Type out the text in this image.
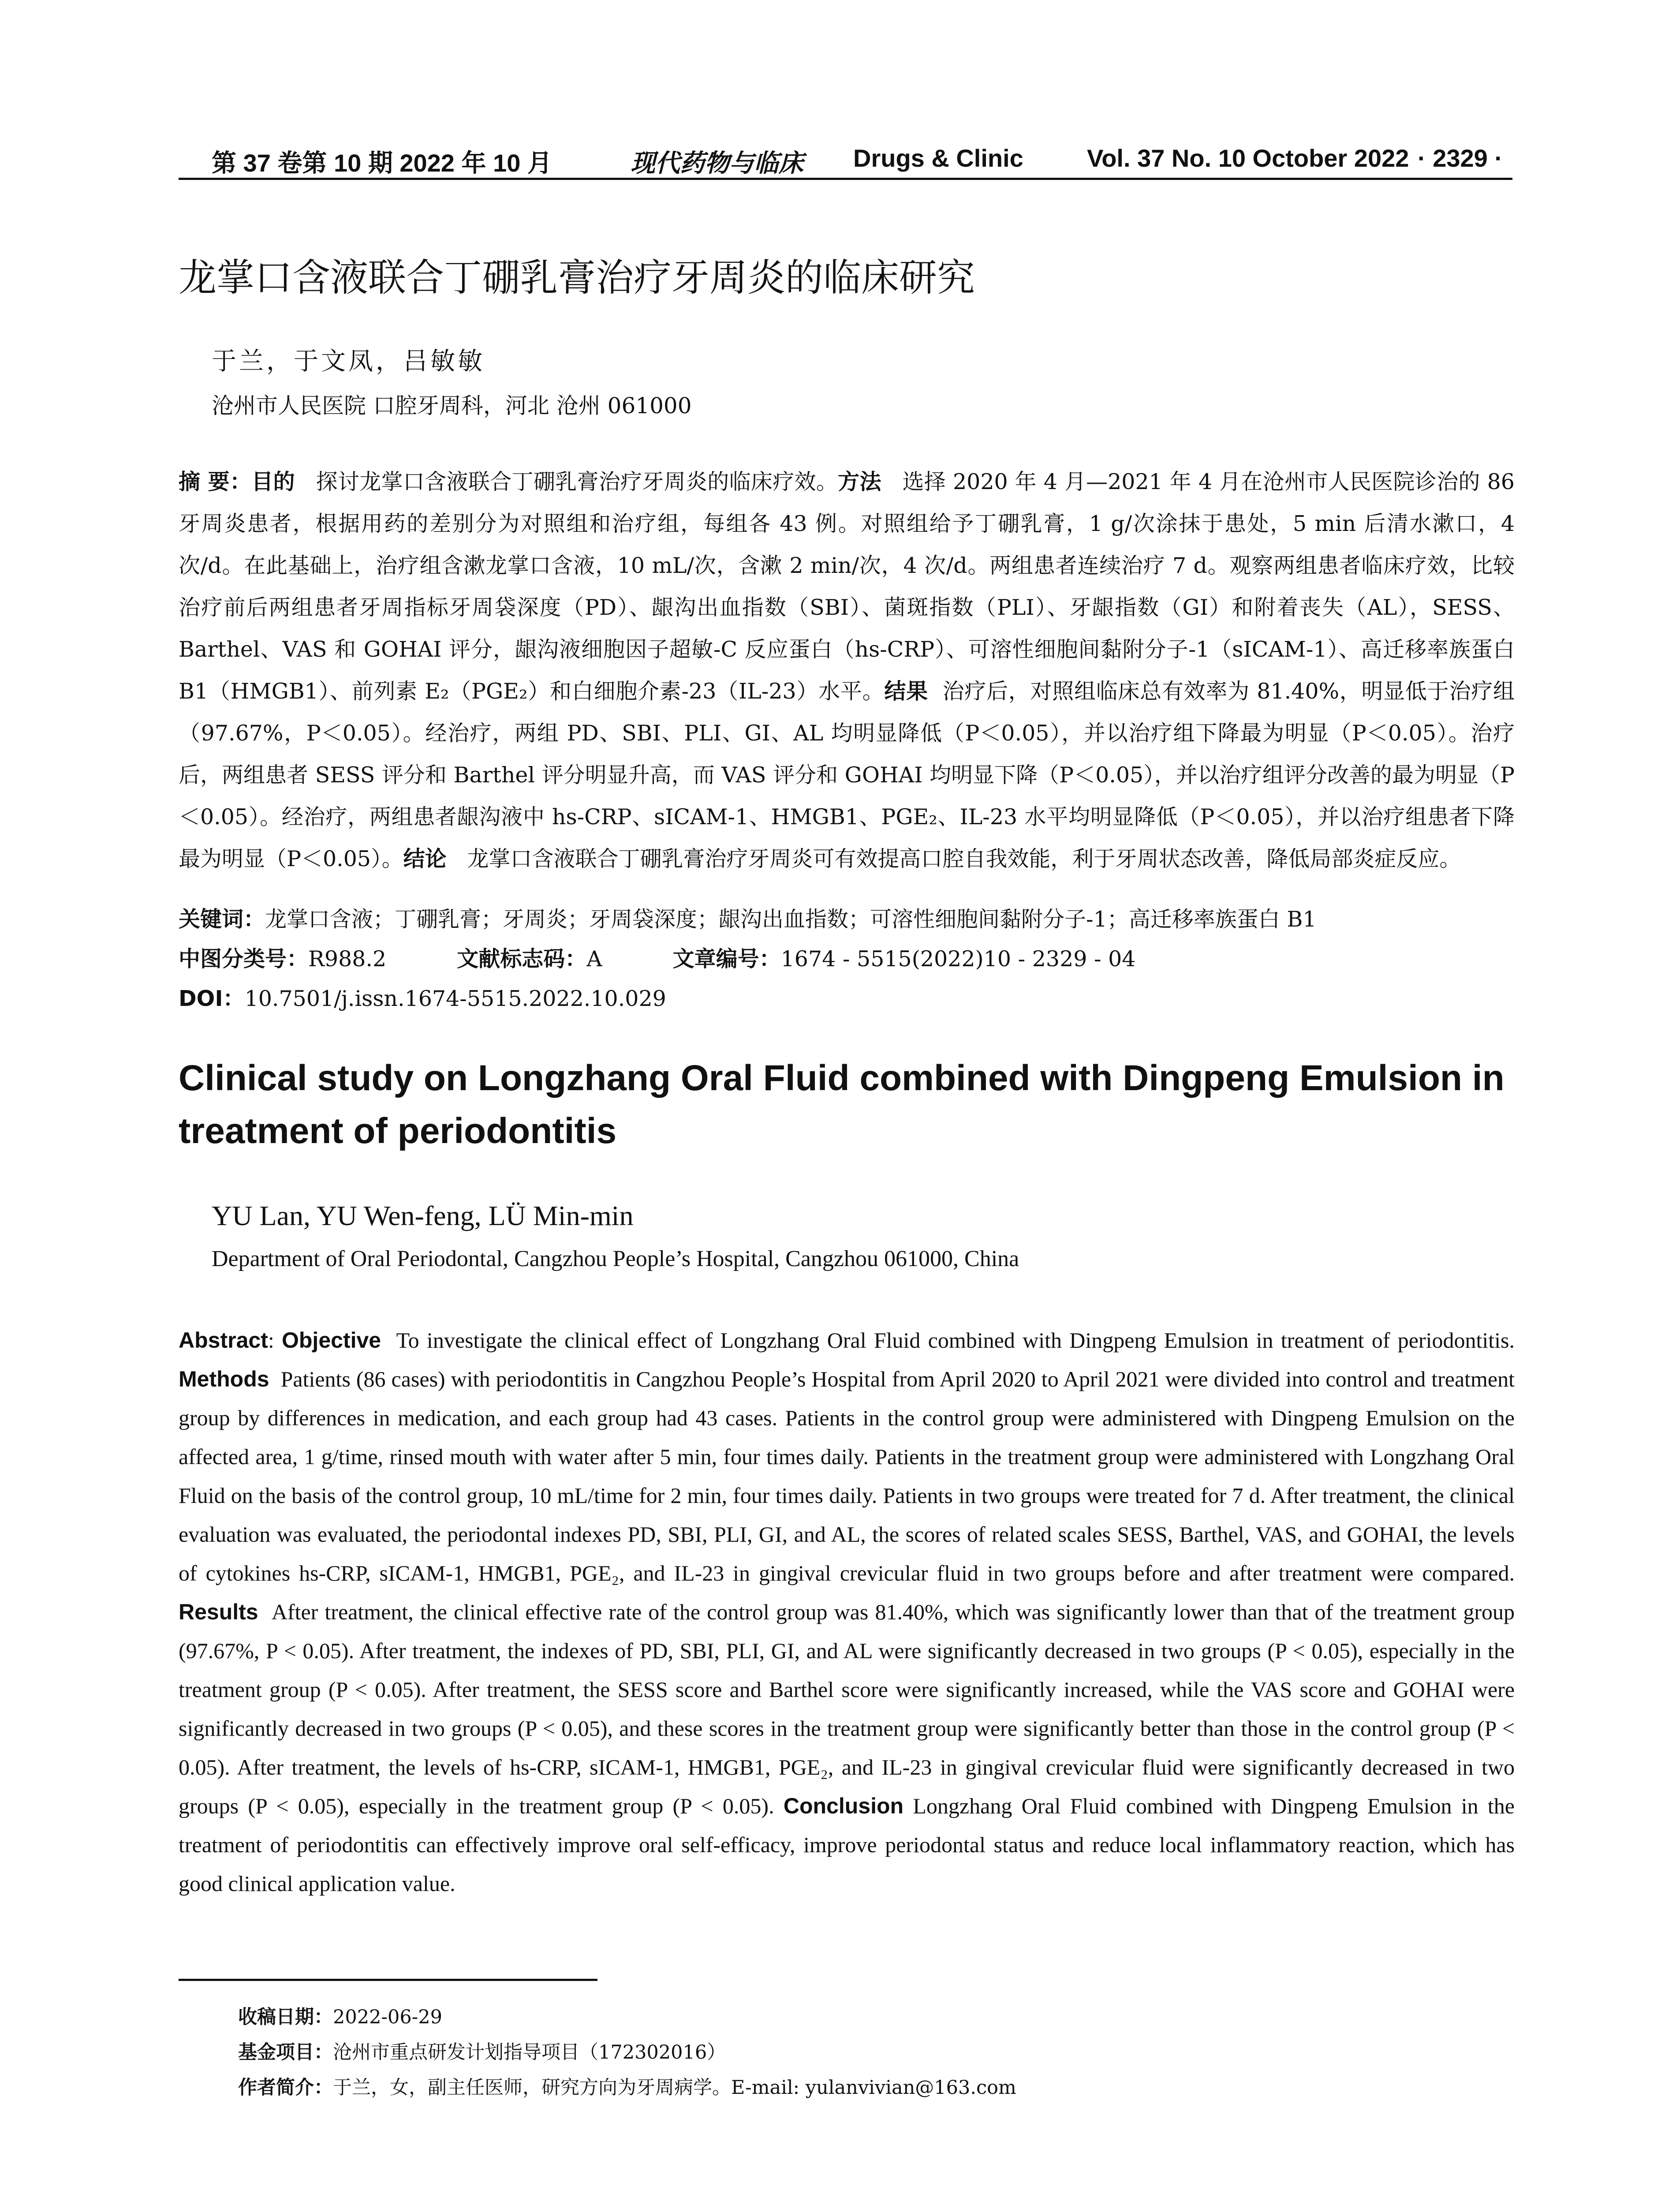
第 37 卷第 10 期 2022 年 10 月	现代药物与临床 Drugs & Clinic	Vol. 37 No. 10 October 2022 · 2329 ·
龙掌口含液联合丁硼乳膏治疗牙周炎的临床研究
于兰，于文凤，吕敏敏
沧州市人民医院 口腔牙周科，河北 沧州 061000
摘 要：目的 探讨龙掌口含液联合丁硼乳膏治疗牙周炎的临床疗效。方法 选择 2020 年 4 月—2021 年 4 月在沧州市人民医院诊治的 86 牙周炎患者，根据用药的差别分为对照组和治疗组，每组各 43 例。对照组给予丁硼乳膏，1 g/次涂抹于患处，5 min 后清水漱口，4 次/d。在此基础上，治疗组含漱龙掌口含液，10 mL/次，含漱 2 min/次，4 次/d。两组患者连续治疗 7 d。观察两组患者临床疗效，比较治疗前后两组患者牙周指标牙周袋深度（PD）、龈沟出血指数（SBI）、菌斑指数（PLI）、牙龈指数（GI）和附着丧失（AL），SESS、Barthel、VAS 和 GOHAI 评分，龈沟液细胞因子超敏-C 反应蛋白（hs-CRP）、可溶性细胞间黏附分子-1（sICAM-1）、高迁移率族蛋白 B1（HMGB1）、前列素 E₂（PGE₂）和白细胞介素-23（IL-23）水平。结果 治疗后，对照组临床总有效率为 81.40%，明显低于治疗组（97.67%，P＜0.05）。经治疗，两组 PD、SBI、PLI、GI、AL 均明显降低（P＜0.05），并以治疗组下降最为明显（P＜0.05）。治疗后，两组患者 SESS 评分和 Barthel 评分明显升高，而 VAS 评分和 GOHAI 均明显下降（P＜0.05），并以治疗组评分改善的最为明显（P＜0.05）。经治疗，两组患者龈沟液中 hs-CRP、sICAM-1、HMGB1、PGE₂、IL-23 水平均明显降低（P＜0.05），并以治疗组患者下降最为明显（P＜0.05）。结论 龙掌口含液联合丁硼乳膏治疗牙周炎可有效提高口腔自我效能，利于牙周状态改善，降低局部炎症反应。
关键词：龙掌口含液；丁硼乳膏；牙周炎；牙周袋深度；龈沟出血指数；可溶性细胞间黏附分子-1；高迁移率族蛋白 B1
中图分类号：R988.2	文献标志码：A	文章编号：1674 - 5515(2022)10 - 2329 - 04
DOI：10.7501/j.issn.1674-5515.2022.10.029
Clinical study on Longzhang Oral Fluid combined with Dingpeng Emulsion in treatment of periodontitis
YU Lan, YU Wen-feng, LÜ Min-min
Department of Oral Periodontal, Cangzhou People’s Hospital, Cangzhou 061000, China
Abstract: Objective To investigate the clinical effect of Longzhang Oral Fluid combined with Dingpeng Emulsion in treatment of periodontitis. Methods Patients (86 cases) with periodontitis in Cangzhou People’s Hospital from April 2020 to April 2021 were divided into control and treatment group by differences in medication, and each group had 43 cases. Patients in the control group were administered with Dingpeng Emulsion on the affected area, 1 g/time, rinsed mouth with water after 5 min, four times daily. Patients in the treatment group were administered with Longzhang Oral Fluid on the basis of the control group, 10 mL/time for 2 min, four times daily. Patients in two groups were treated for 7 d. After treatment, the clinical evaluation was evaluated, the periodontal indexes PD, SBI, PLI, GI, and AL, the scores of related scales SESS, Barthel, VAS, and GOHAI, the levels of cytokines hs-CRP, sICAM-1, HMGB1, PGE₂, and IL-23 in gingival crevicular fluid in two groups before and after treatment were compared. Results After treatment, the clinical effective rate of the control group was 81.40%, which was significantly lower than that of the treatment group (97.67%, P < 0.05). After treatment, the indexes of PD, SBI, PLI, GI, and AL were significantly decreased in two groups (P < 0.05), especially in the treatment group (P < 0.05). After treatment, the SESS score and Barthel score were significantly increased, while the VAS score and GOHAI were significantly decreased in two groups (P < 0.05), and these scores in the treatment group were significantly better than those in the control group (P < 0.05). After treatment, the levels of hs-CRP, sICAM-1, HMGB1, PGE₂, and IL-23 in gingival crevicular fluid were significantly decreased in two groups (P < 0.05), especially in the treatment group (P < 0.05). Conclusion Longzhang Oral Fluid combined with Dingpeng Emulsion in the treatment of periodontitis can effectively improve oral self-efficacy, improve periodontal status and reduce local inflammatory reaction, which has good clinical application value.
收稿日期：2022-06-29
基金项目：沧州市重点研发计划指导项目（172302016）
作者简介：于兰，女，副主任医师，研究方向为牙周病学。E-mail: yulanvivian@163.com
